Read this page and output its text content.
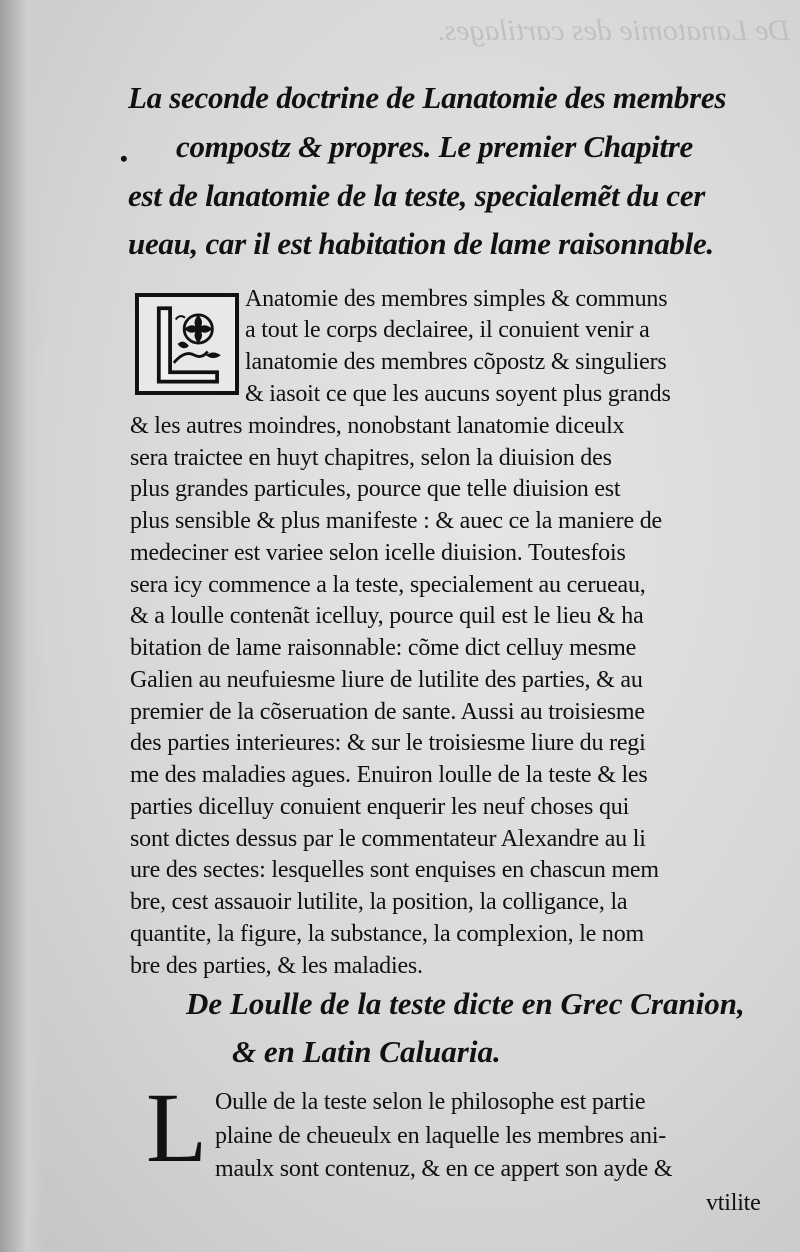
De Lanatomie des cartilages.
•
La seconde doctrine de Lanatomie des membres
compostz & propres. Le premier Chapitre
est de lanatomie de la teste, specialemẽt du cer
ueau, car il est habitation de lame raisonnable.
Anatomie des membres simples & communs
a tout le corps declairee, il conuient venir a
lanatomie des membres cõpostz & singuliers
& iasoit ce que les aucuns soyent plus grands
& les autres moindres, nonobstant lanatomie diceulx
sera traictee en huyt chapitres, selon la diuision des
plus grandes particules, pource que telle diuision est
plus sensible & plus manifeste : & auec ce la maniere de
medeciner est variee selon icelle diuision. Toutesfois
sera icy commence a la teste, specialement au cerueau,
& a loulle contenãt icelluy, pource quil est le lieu & ha
bitation de lame raisonnable: cõme dict celluy mesme
Galien au neufuiesme liure de lutilite des parties, & au
premier de la cõseruation de sante. Aussi au troisiesme
des parties interieures: & sur le troisiesme liure du regi
me des maladies agues. Enuiron loulle de la teste & les
parties dicelluy conuient enquerir les neuf choses qui
sont dictes dessus par le commentateur Alexandre au li
ure des sectes: lesquelles sont enquises en chascun mem
bre, cest assauoir lutilite, la position, la colligance, la
quantite, la figure, la substance, la complexion, le nom
bre des parties, & les maladies.
De Loulle de la teste dicte en Grec Cranion,
& en Latin Caluaria.
L Oulle de la teste selon le philosophe est partie
plaine de cheueulx en laquelle les membres ani-
maulx sont contenuz, & en ce appert son ayde &
vtilite
